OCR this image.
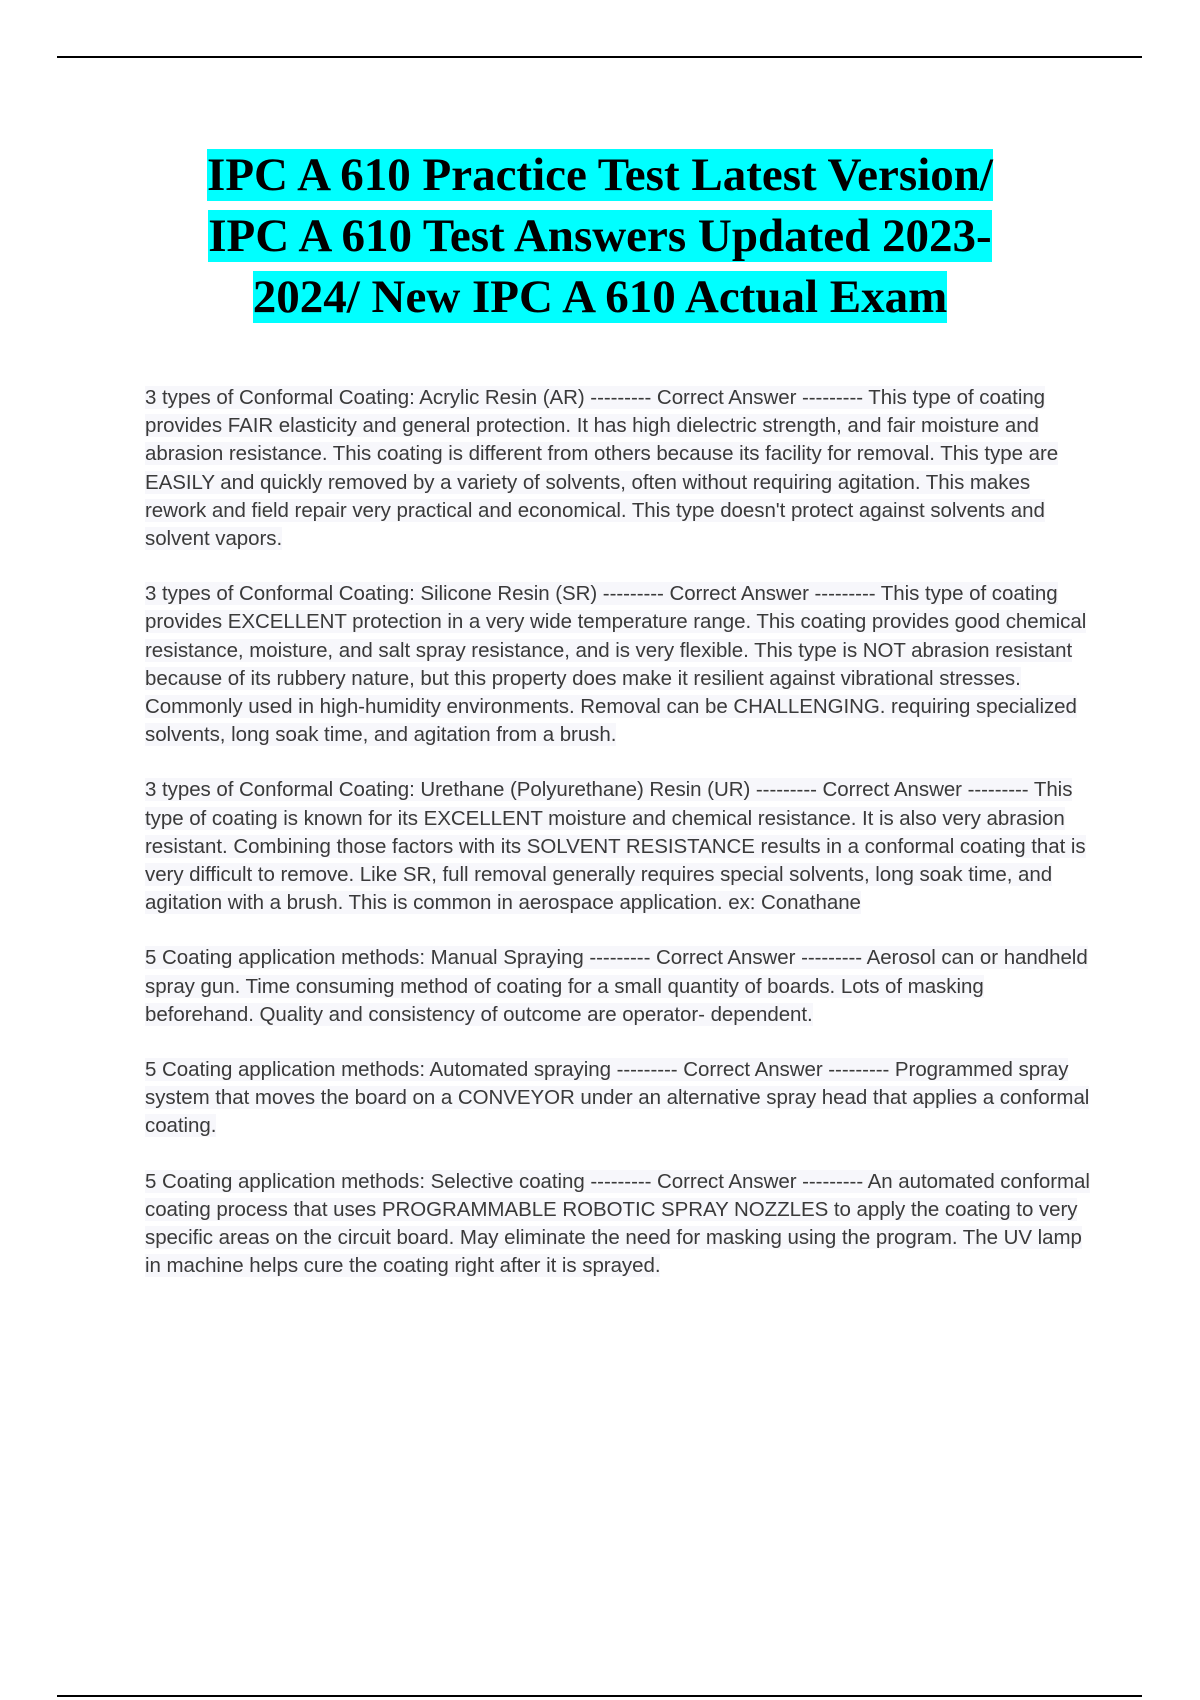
IPC A 610 Practice Test Latest Version/
IPC A 610 Test Answers Updated 2023-
2024/ New IPC A 610 Actual Exam

3 types of Conformal Coating: Acrylic Resin (AR) --------- Correct Answer --------- This type of coating provides FAIR elasticity and general protection. It has high dielectric strength, and fair moisture and abrasion resistance. This coating is different from others because its facility for removal. This type are EASILY and quickly removed by a variety of solvents, often without requiring agitation. This makes rework and field repair very practical and economical. This type doesn't protect against solvents and solvent vapors.

3 types of Conformal Coating: Silicone Resin (SR) --------- Correct Answer --------- This type of coating provides EXCELLENT protection in a very wide temperature range. This coating provides good chemical resistance, moisture, and salt spray resistance, and is very flexible. This type is NOT abrasion resistant because of its rubbery nature, but this property does make it resilient against vibrational stresses. Commonly used in high-humidity environments. Removal can be CHALLENGING. requiring specialized solvents, long soak time, and agitation from a brush.

3 types of Conformal Coating: Urethane (Polyurethane) Resin (UR) --------- Correct Answer --------- This type of coating is known for its EXCELLENT moisture and chemical resistance. It is also very abrasion resistant. Combining those factors with its SOLVENT RESISTANCE results in a conformal coating that is very difficult to remove. Like SR, full removal generally requires special solvents, long soak time, and agitation with a brush. This is common in aerospace application. ex: Conathane

5 Coating application methods: Manual Spraying --------- Correct Answer --------- Aerosol can or handheld spray gun. Time consuming method of coating for a small quantity of boards. Lots of masking beforehand. Quality and consistency of outcome are operator- dependent.

5 Coating application methods: Automated spraying --------- Correct Answer --------- Programmed spray system that moves the board on a CONVEYOR under an alternative spray head that applies a conformal coating.

5 Coating application methods: Selective coating --------- Correct Answer --------- An automated conformal coating process that uses PROGRAMMABLE ROBOTIC SPRAY NOZZLES to apply the coating to very specific areas on the circuit board. May eliminate the need for masking using the program. The UV lamp in machine helps cure the coating right after it is sprayed.
